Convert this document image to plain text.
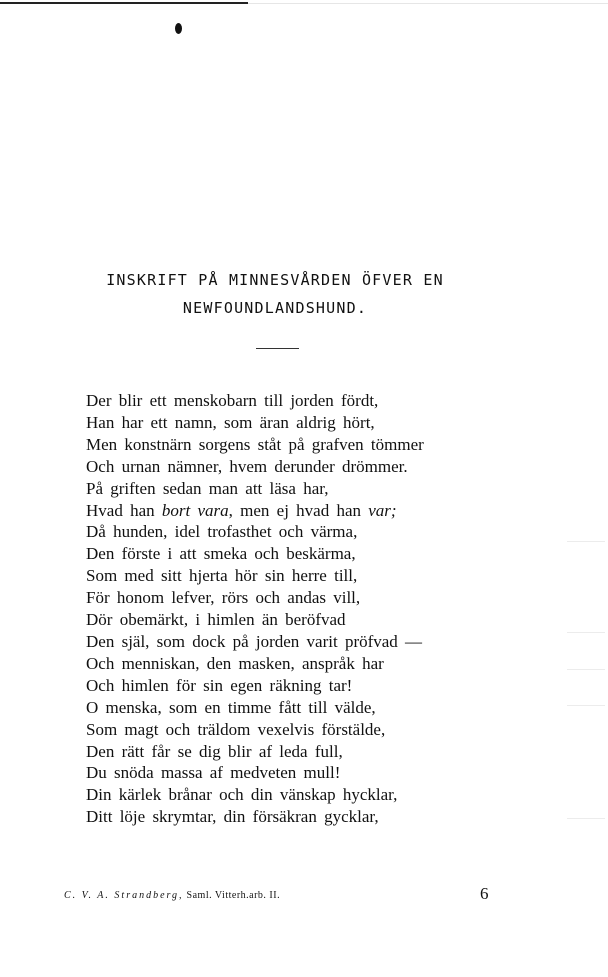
INSKRIFT PÅ MINNESVÅRDEN ÖFVER EN
NEWFOUNDLANDSHUND.
Der blir ett menskobarn till jorden fördt,
Han har ett namn, som äran aldrig hört,
Men konstnärn sorgens ståt på grafven tömmer
Och urnan nämner, hvem derunder drömmer.
På griften sedan man att läsa har,
Hvad han bort vara, men ej hvad han var;
Då hunden, idel trofasthet och värma,
Den förste i att smeka och beskärma,
Som med sitt hjerta hör sin herre till,
För honom lefver, rörs och andas vill,
Dör obemärkt, i himlen än beröfvad
Den själ, som dock på jorden varit pröfvad —
Och menniskan, den masken, anspråk har
Och himlen för sin egen räkning tar!
O menska, som en timme fått till välde,
Som magt och träldom vexelvis förstälde,
Den rätt får se dig blir af leda full,
Du snöda massa af medveten mull!
Din kärlek brånar och din vänskap hycklar,
Ditt löje skrymtar, din försäkran gycklar,
C. V. A. Strandberg, Saml. Vitterh.arb. II.	6
